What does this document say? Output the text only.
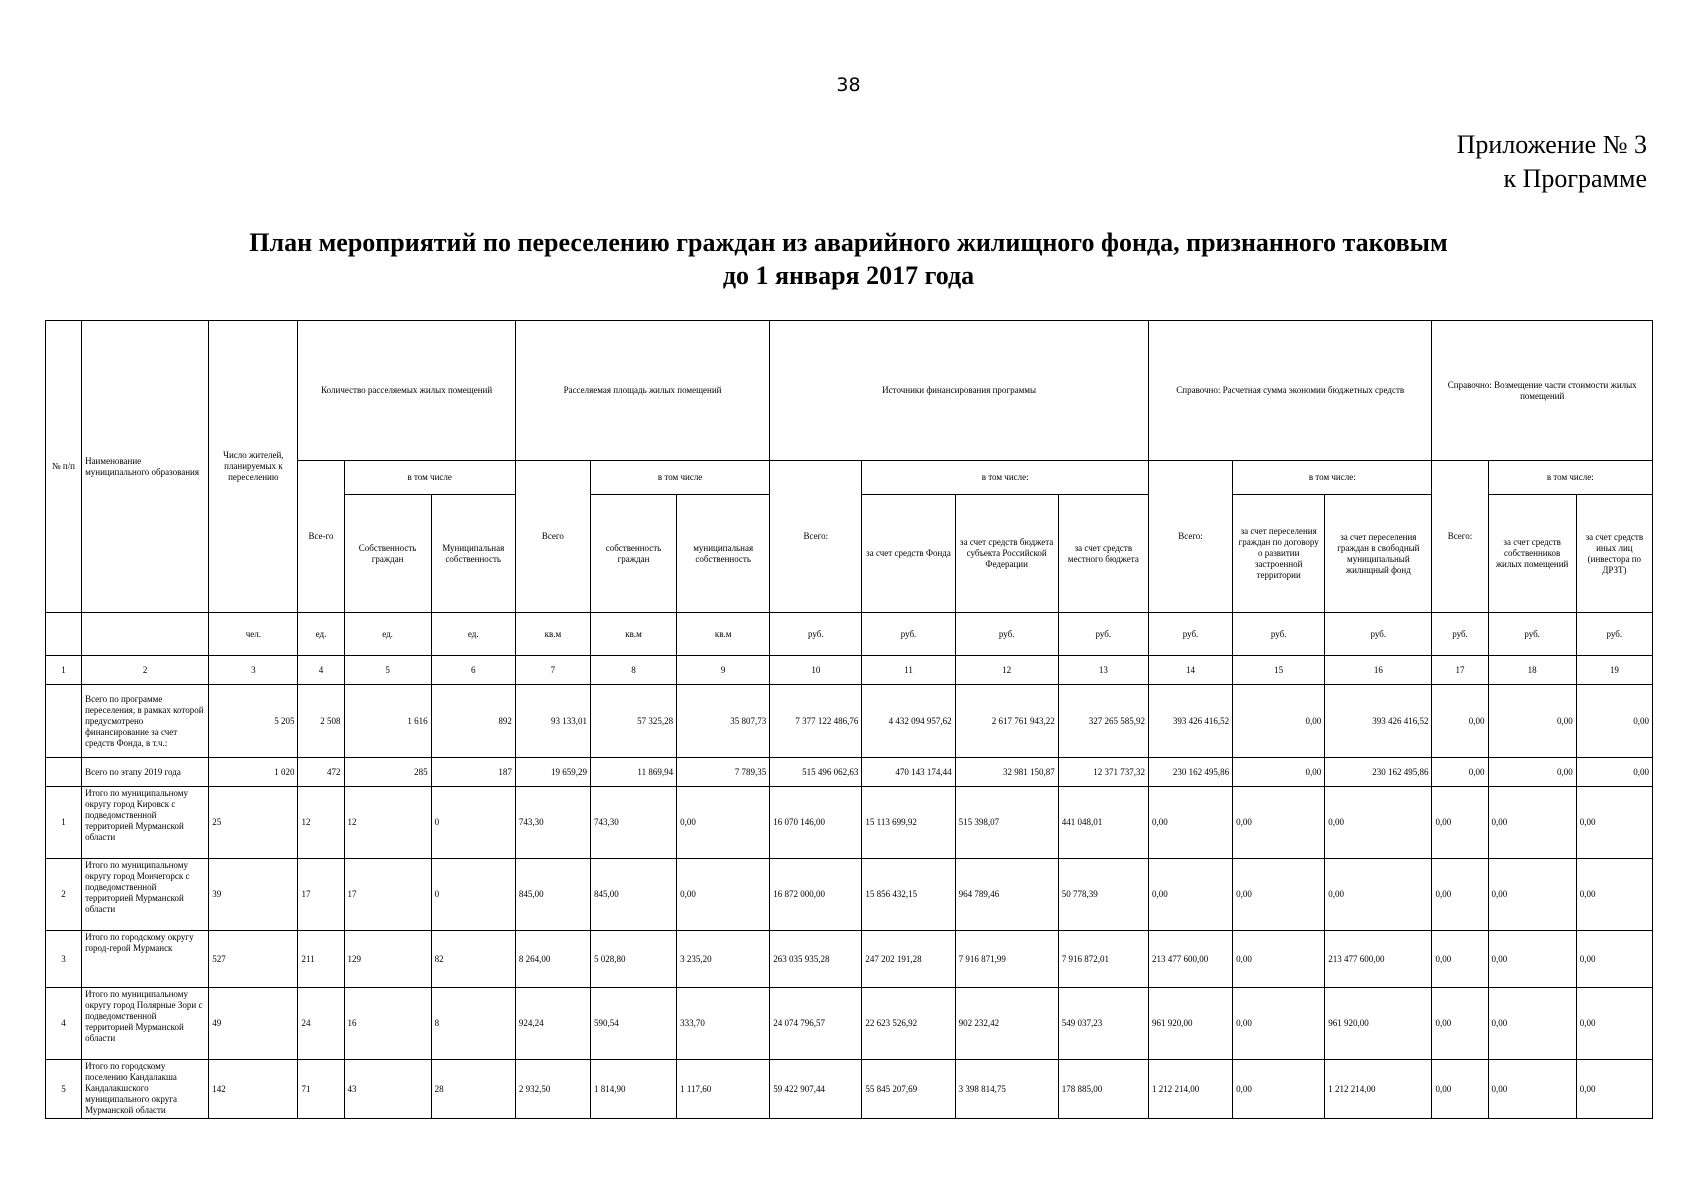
38
Приложение № 3
к Программе
План мероприятий по переселению граждан из аварийного жилищного фонда, признанного таковым
до 1 января 2017 года
№ п/п	Наименование муниципального образования	Число жителей, планируемых к переселению	Количество расселяемых жилых помещений			Расселяемая площадь жилых помещений			Источники финансирования программы				Справочно: Расчетная сумма экономии бюджетных средств			Справочно: Возмещение части стоимости жилых помещений		
			Все-го	в том числе		Всего	в том числе		Всего:	в том числе:			Всего:	в том числе:		Всего:	в том числе:	
				Собственность граждан	Муниципальная собственность		собственность граждан	муниципальная собственность		за счет средств Фонда	за счет средств бюджета субъекта Российской Федерации	за счет средств местного бюджета		за счет переселения граждан по договору о развитии застроенной территории	за счет переселения граждан в свободный муниципальный жилищный фонд		за счет средств собственников жилых помещений	за счет средств иных лиц (инвестора по ДРЗТ)
		чел.	ед.	ед.	ед.	кв.м	кв.м	кв.м	руб.	руб.	руб.	руб.	руб.	руб.	руб.	руб.	руб.	руб.
1	2	3	4	5	6	7	8	9	10	11	12	13	14	15	16	17	18	19
	Всего по программе переселения, в рамках которой предусмотрено финансирование за счет средств Фонда, в т.ч.:	5 205	2 508	1 616	892	93 133,01	57 325,28	35 807,73	7 377 122 486,76	4 432 094 957,62	2 617 761 943,22	327 265 585,92	393 426 416,52	0,00	393 426 416,52	0,00	0,00	0,00
	Всего по этапу 2019 года	1 020	472	285	187	19 659,29	11 869,94	7 789,35	515 496 062,63	470 143 174,44	32 981 150,87	12 371 737,32	230 162 495,86	0,00	230 162 495,86	0,00	0,00	0,00
1	Итого по муниципальному округу город Кировск с подведомственной территорией Мурманской области	25	12	12	0	743,30	743,30	0,00	16 070 146,00	15 113 699,92	515 398,07	441 048,01	0,00	0,00	0,00	0,00	0,00	0,00
2	Итого по муниципальному округу город Мончегорск с подведомственной территорией Мурманской области	39	17	17	0	845,00	845,00	0,00	16 872 000,00	15 856 432,15	964 789,46	50 778,39	0,00	0,00	0,00	0,00	0,00	0,00
3	Итого по городскому округу город-герой Мурманск	527	211	129	82	8 264,00	5 028,80	3 235,20	263 035 935,28	247 202 191,28	7 916 871,99	7 916 872,01	213 477 600,00	0,00	213 477 600,00	0,00	0,00	0,00
4	Итого по муниципальному округу город Полярные Зори с подведомственной территорией Мурманской области	49	24	16	8	924,24	590,54	333,70	24 074 796,57	22 623 526,92	902 232,42	549 037,23	961 920,00	0,00	961 920,00	0,00	0,00	0,00
5	Итого по городскому поселению Кандалакша Кандалакшского муниципального округа Мурманской области	142	71	43	28	2 932,50	1 814,90	1 117,60	59 422 907,44	55 845 207,69	3 398 814,75	178 885,00	1 212 214,00	0,00	1 212 214,00	0,00	0,00	0,00
